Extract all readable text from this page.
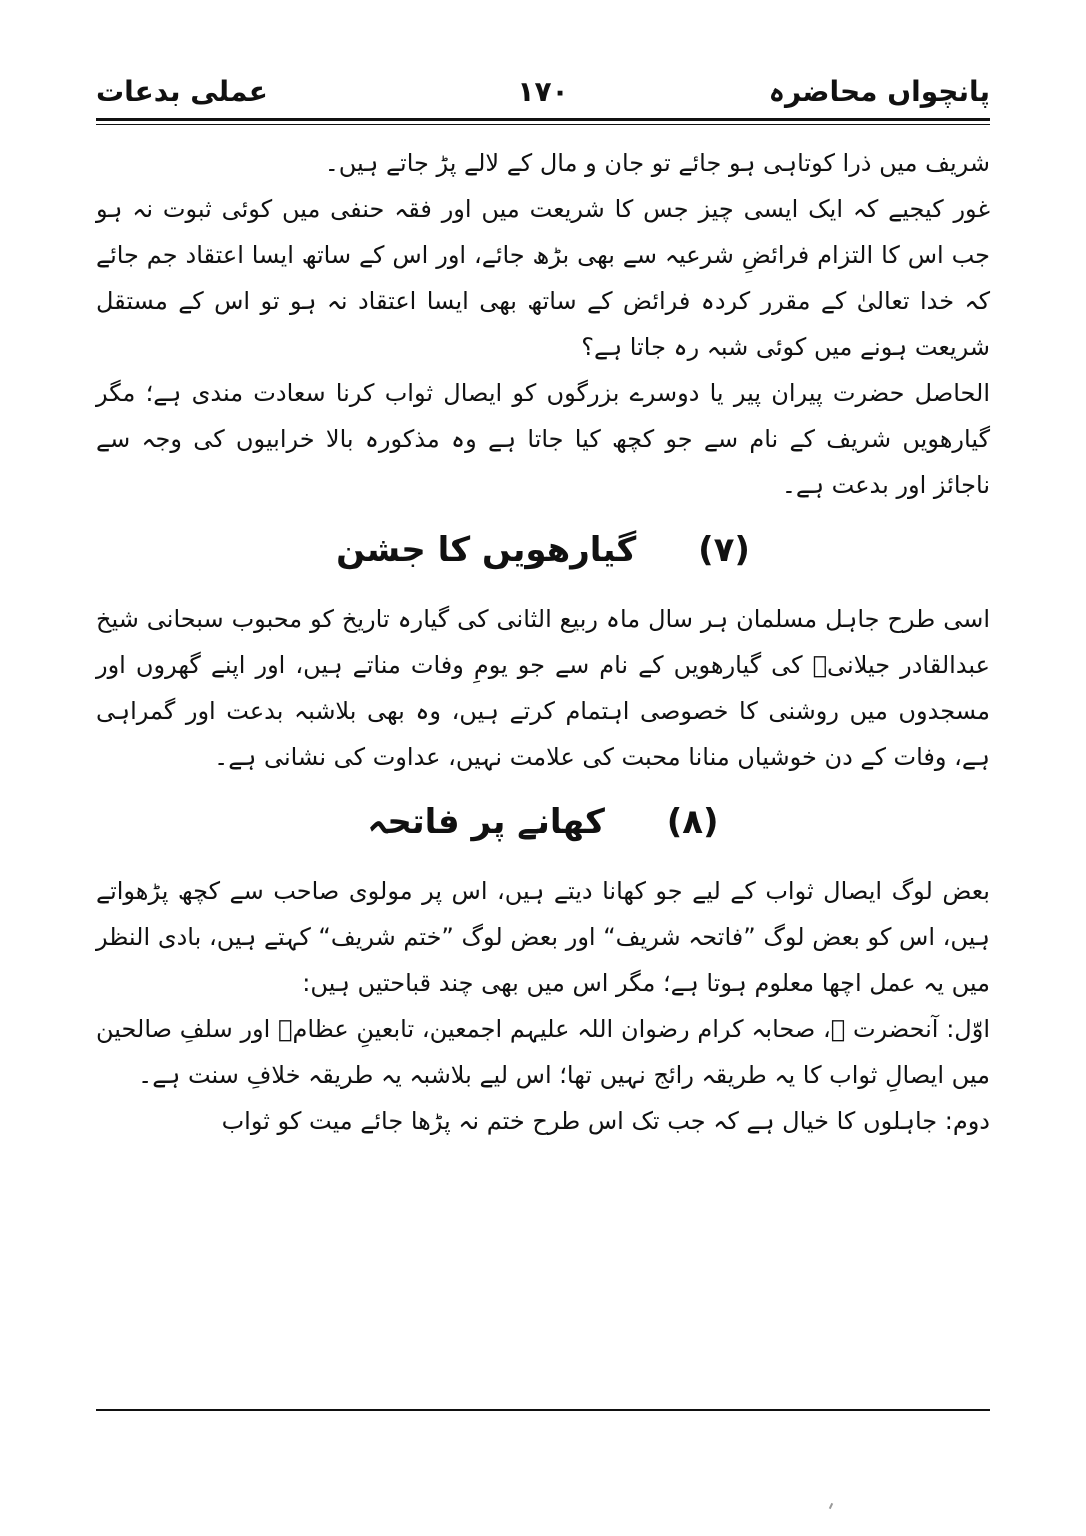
پانچواں محاضرہ
۱۷۰
عملی بدعات

شریف میں ذرا کوتاہی ہو جائے تو جان و مال کے لالے پڑ جاتے ہیں۔

غور کیجیے کہ ایک ایسی چیز جس کا شریعت میں اور فقہ حنفی میں کوئی ثبوت نہ ہو جب اس کا التزام فرائضِ شرعیہ سے بھی بڑھ جائے، اور اس کے ساتھ ایسا اعتقاد جم جائے کہ خدا تعالیٰ کے مقرر کردہ فرائض کے ساتھ بھی ایسا اعتقاد نہ ہو تو اس کے مستقل شریعت ہونے میں کوئی شبہ رہ جاتا ہے؟

الحاصل حضرت پیران پیر یا دوسرے بزرگوں کو ایصال ثواب کرنا سعادت مندی ہے؛ مگر گیارھویں شریف کے نام سے جو کچھ کیا جاتا ہے وہ مذکورہ بالا خرابیوں کی وجہ سے ناجائز اور بدعت ہے۔

(۷) گیارھویں کا جشن

اسی طرح جاہل مسلمان ہر سال ماہ ربیع الثانی کی گیارہ تاریخ کو محبوب سبحانی شیخ عبدالقادر جیلانیؒ کی گیارھویں کے نام سے جو یومِ وفات مناتے ہیں، اور اپنے گھروں اور مسجدوں میں روشنی کا خصوصی اہتمام کرتے ہیں، وہ بھی بلاشبہ بدعت اور گمراہی ہے، وفات کے دن خوشیاں منانا محبت کی علامت نہیں، عداوت کی نشانی ہے۔

(۸) کھانے پر فاتحہ

بعض لوگ ایصال ثواب کے لیے جو کھانا دیتے ہیں، اس پر مولوی صاحب سے کچھ پڑھواتے ہیں، اس کو بعض لوگ ”فاتحہ شریف“ اور بعض لوگ ”ختم شریف“ کہتے ہیں، بادی النظر میں یہ عمل اچھا معلوم ہوتا ہے؛ مگر اس میں بھی چند قباحتیں ہیں:

اوّل: آنحضرت ﷺ، صحابہ کرام رضوان اللہ علیہم اجمعین، تابعینِ عظامؒ اور سلفِ صالحین میں ایصالِ ثواب کا یہ طریقہ رائج نہیں تھا؛ اس لیے بلاشبہ یہ طریقہ خلافِ سنت ہے۔

دوم: جاہلوں کا خیال ہے کہ جب تک اس طرح ختم نہ پڑھا جائے میت کو ثواب
